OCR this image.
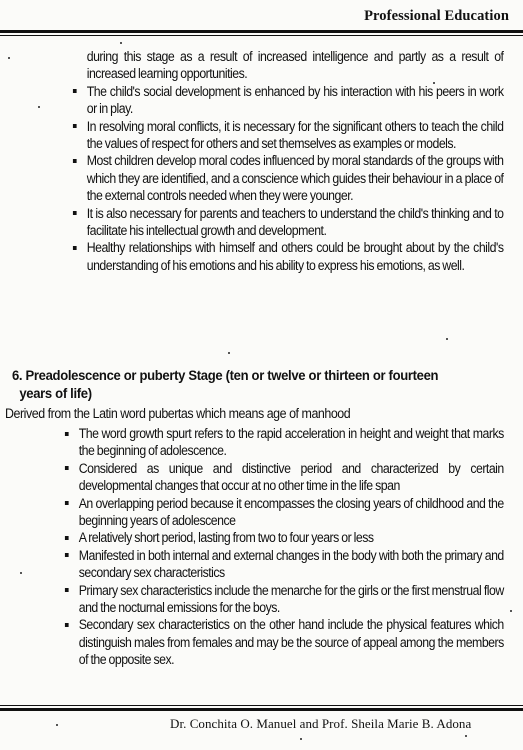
Professional Education
during this stage as a result of increased intelligence and partly as a result of increased learning opportunities.
The child's social development is enhanced by his interaction with his peers in work or in play.
In resolving moral conflicts, it is necessary for the significant others to teach the child the values of respect for others and set themselves as examples or models.
Most children develop moral codes influenced by moral standards of the groups with which they are identified, and a conscience which guides their behaviour in a place of the external controls needed when they were younger.
It is also necessary for parents and teachers to understand the child's thinking and to facilitate his intellectual growth and development.
Healthy relationships with himself and others could be brought about by the child's understanding of his emotions and his ability to express his emotions, as well.
6. Preadolescence or puberty Stage (ten or twelve or thirteen or fourteen
years of life)
Derived from the Latin word pubertas which means age of manhood
The word growth spurt refers to the rapid acceleration in height and weight that marks the beginning of adolescence.
Considered as unique and distinctive period and characterized by certain developmental changes that occur at no other time in the life span
An overlapping period because it encompasses the closing years of childhood and the beginning years of adolescence
A relatively short period, lasting from two to four years or less
Manifested in both internal and external changes in the body with both the primary and secondary sex characteristics
Primary sex characteristics include the menarche for the girls or the first menstrual flow and the nocturnal emissions for the boys.
Secondary sex characteristics on the other hand include the physical features which distinguish males from females and may be the source of appeal among the members of the opposite sex.
Dr. Conchita O. Manuel and Prof. Sheila Marie B. Adona
